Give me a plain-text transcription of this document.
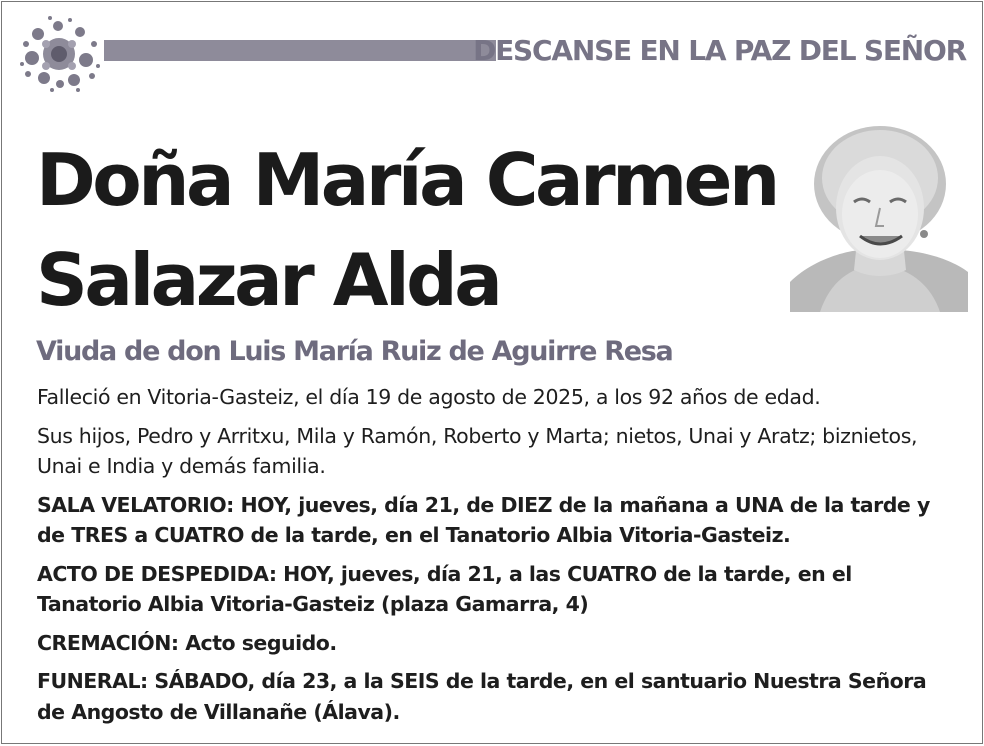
DESCANSE EN LA PAZ DEL SEÑOR
Doña María Carmen
Salazar Alda
Viuda de don Luis María Ruiz de Aguirre Resa

Falleció en Vitoria-Gasteiz, el día 19 de agosto de 2025, a los 92 años de edad.

Sus hijos, Pedro y Arritxu, Mila y Ramón, Roberto y Marta; nietos, Unai y Aratz; biznietos, Unai e India y demás familia.

SALA VELATORIO: HOY, jueves, día 21, de DIEZ de la mañana a UNA de la tarde y de TRES a CUATRO de la tarde, en el Tanatorio Albia Vitoria-Gasteiz.

ACTO DE DESPEDIDA: HOY, jueves, día 21, a las CUATRO de la tarde, en el Tanatorio Albia Vitoria-Gasteiz (plaza Gamarra, 4)

CREMACIÓN: Acto seguido.

FUNERAL: SÁBADO, día 23, a la SEIS de la tarde, en el santuario Nuestra Señora de Angosto de Villanañe (Álava).
